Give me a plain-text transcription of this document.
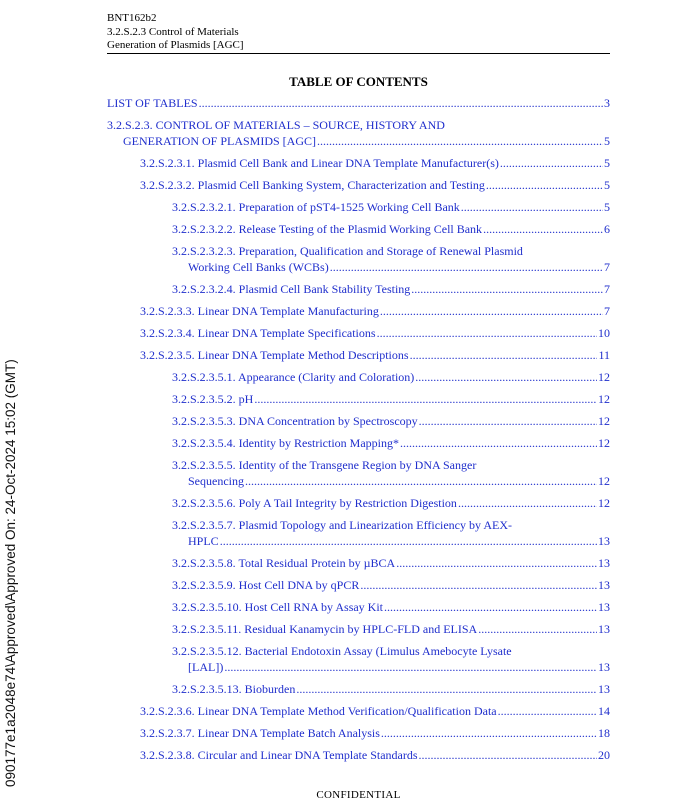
090177e1a2048e74\Approved\Approved On: 24-Oct-2024 15:02 (GMT)
BNT162b2
3.2.S.2.3 Control of Materials
Generation of Plasmids [AGC]
TABLE OF CONTENTS
LIST OF TABLES .....	3
3.2.S.2.3. CONTROL OF MATERIALS – SOURCE, HISTORY AND
GENERATION OF PLASMIDS [AGC] .....	5
3.2.S.2.3.1. Plasmid Cell Bank and Linear DNA Template Manufacturer(s) .....	5
3.2.S.2.3.2. Plasmid Cell Banking System, Characterization and Testing .....	5
3.2.S.2.3.2.1. Preparation of pST4-1525 Working Cell Bank .....	5
3.2.S.2.3.2.2. Release Testing of the Plasmid Working Cell Bank .....	6
3.2.S.2.3.2.3. Preparation, Qualification and Storage of Renewal Plasmid
Working Cell Banks (WCBs) .....	7
3.2.S.2.3.2.4. Plasmid Cell Bank Stability Testing .....	7
3.2.S.2.3.3. Linear DNA Template Manufacturing .....	7
3.2.S.2.3.4. Linear DNA Template Specifications .....	10
3.2.S.2.3.5. Linear DNA Template Method Descriptions .....	11
3.2.S.2.3.5.1. Appearance (Clarity and Coloration) .....	12
3.2.S.2.3.5.2. pH .....	12
3.2.S.2.3.5.3. DNA Concentration by Spectroscopy .....	12
3.2.S.2.3.5.4. Identity by Restriction Mapping* .....	12
3.2.S.2.3.5.5. Identity of the Transgene Region by DNA Sanger
Sequencing .....	12
3.2.S.2.3.5.6. Poly A Tail Integrity by Restriction Digestion .....	12
3.2.S.2.3.5.7. Plasmid Topology and Linearization Efficiency by AEX-
HPLC .....	13
3.2.S.2.3.5.8. Total Residual Protein by µBCA .....	13
3.2.S.2.3.5.9. Host Cell DNA by qPCR .....	13
3.2.S.2.3.5.10. Host Cell RNA by Assay Kit .....	13
3.2.S.2.3.5.11. Residual Kanamycin by HPLC-FLD and ELISA .....	13
3.2.S.2.3.5.12. Bacterial Endotoxin Assay (Limulus Amebocyte Lysate
[LAL]) .....	13
3.2.S.2.3.5.13. Bioburden .....	13
3.2.S.2.3.6. Linear DNA Template Method Verification/Qualification Data .....	14
3.2.S.2.3.7. Linear DNA Template Batch Analysis .....	18
3.2.S.2.3.8. Circular and Linear DNA Template Standards .....	20
CONFIDENTIAL
